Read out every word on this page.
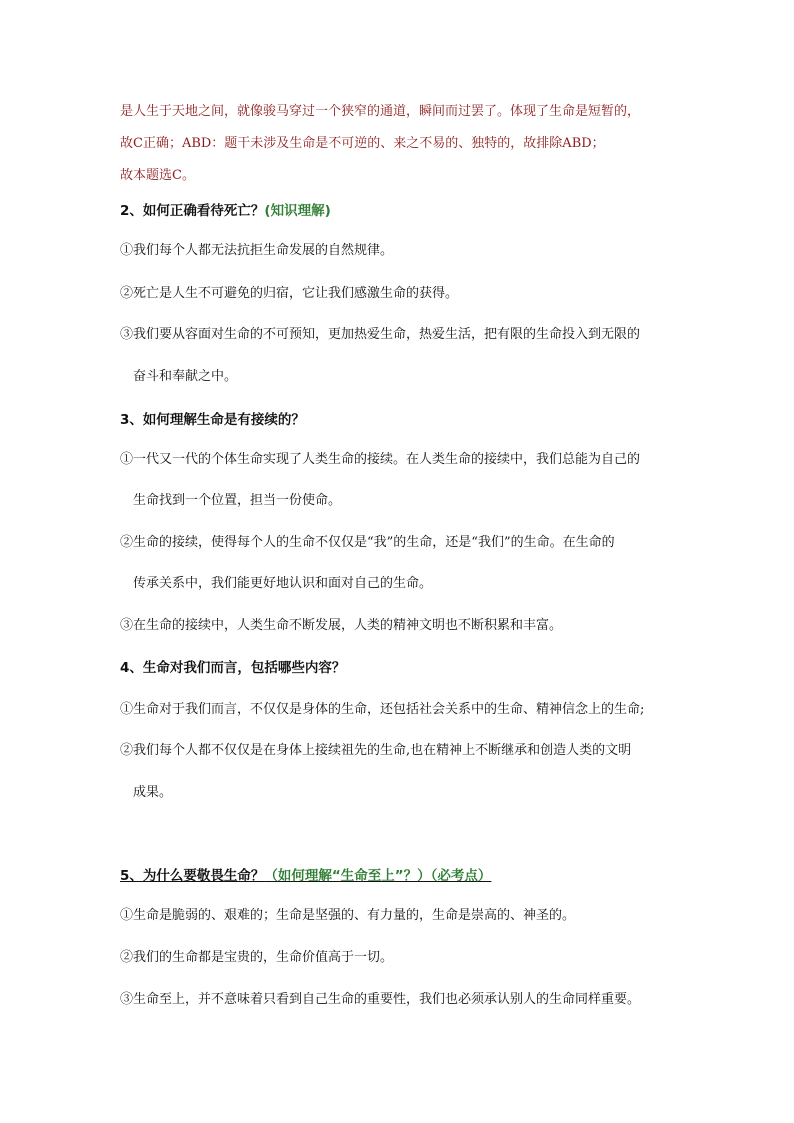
是人生于天地之间，就像骏马穿过一个狭窄的通道，瞬间而过罢了。体现了生命是短暂的，
故C正确；ABD：题干未涉及生命是不可逆的、来之不易的、独特的，故排除ABD；
故本题选C。
2、如何正确看待死亡？(知识理解)
①我们每个人都无法抗拒生命发展的自然规律。
②死亡是人生不可避免的归宿，它让我们感激生命的获得。
③我们要从容面对生命的不可预知，更加热爱生命，热爱生活，把有限的生命投入到无限的
奋斗和奉献之中。
3、如何理解生命是有接续的？
①一代又一代的个体生命实现了人类生命的接续。在人类生命的接续中，我们总能为自己的
生命找到一个位置，担当一份使命。
②生命的接续，使得每个人的生命不仅仅是“我”的生命，还是“我们”的生命。在生命的
传承关系中，我们能更好地认识和面对自己的生命。
③在生命的接续中，人类生命不断发展，人类的精神文明也不断积累和丰富。
4、生命对我们而言，包括哪些内容？
①生命对于我们而言，不仅仅是身体的生命，还包括社会关系中的生命、精神信念上的生命;
②我们每个人都不仅仅是在身体上接续祖先的生命,也在精神上不断继承和创造人类的文明
成果。
5、为什么要敬畏生命？（如何理解“生命至上”？）（必考点）
①生命是脆弱的、艰难的；生命是坚强的、有力量的，生命是崇高的、神圣的。
②我们的生命都是宝贵的，生命价值高于一切。
③生命至上，并不意味着只看到自己生命的重要性，我们也必须承认别人的生命同样重要。
